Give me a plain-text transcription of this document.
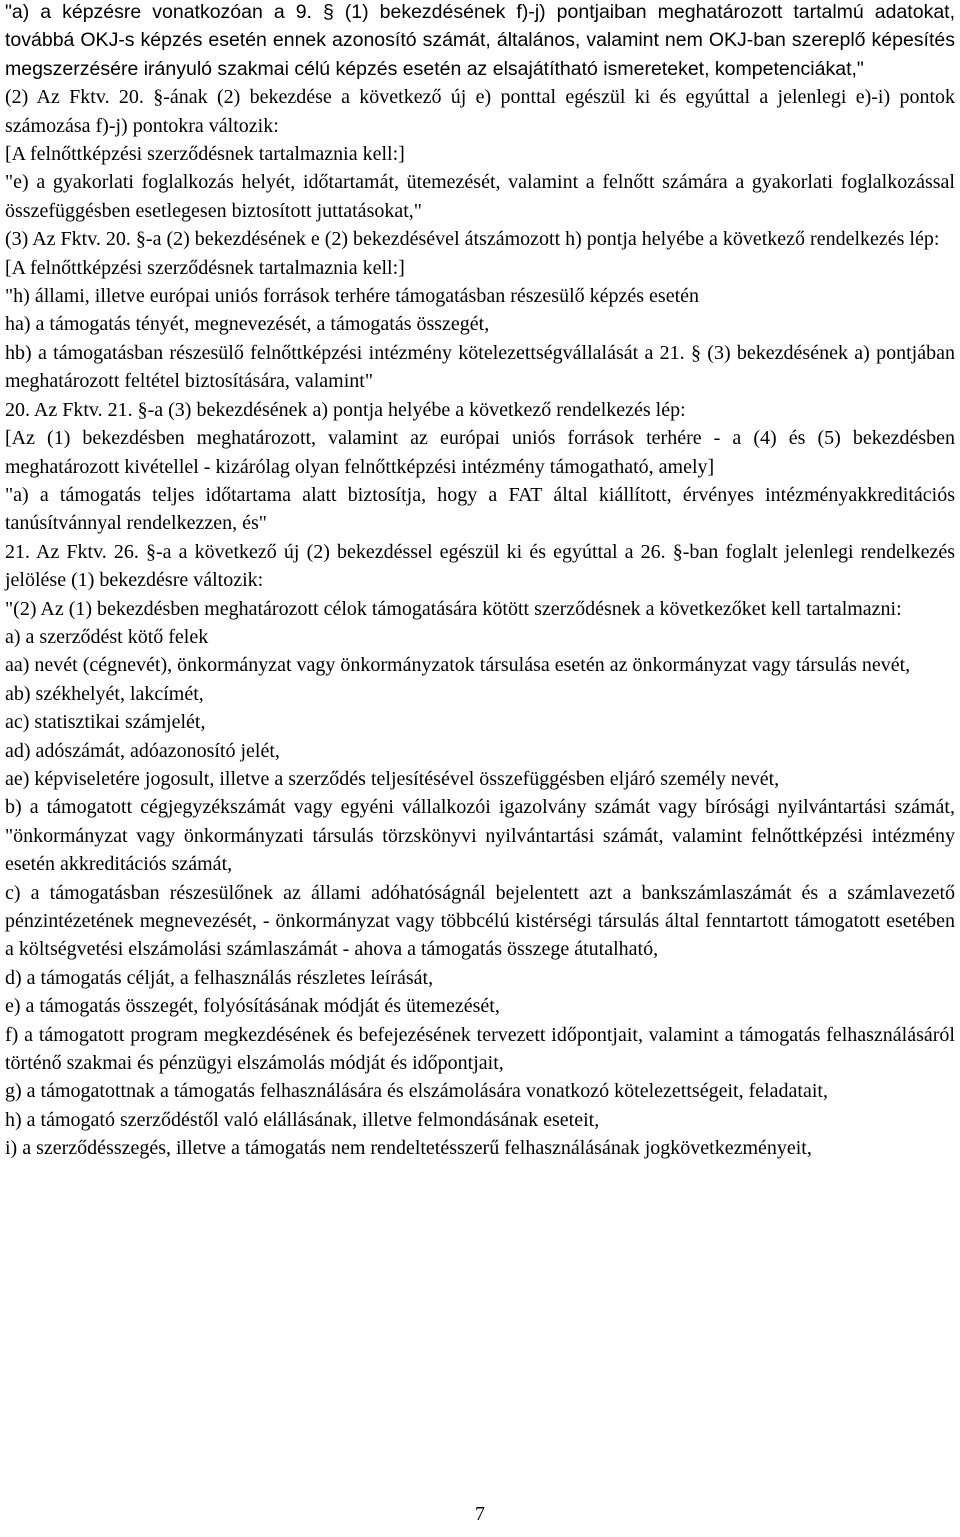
"a) a képzésre vonatkozóan a 9. § (1) bekezdésének f)-j) pontjaiban meghatározott tartalmú adatokat, továbbá OKJ-s képzés esetén ennek azonosító számát, általános, valamint nem OKJ-ban szereplő képesítés megszerzésére irányuló szakmai célú képzés esetén az elsajátítható ismereteket, kompetenciákat,"

(2) Az Fktv. 20. §-ának (2) bekezdése a következő új e) ponttal egészül ki és egyúttal a jelenlegi e)-i) pontok számozása f)-j) pontokra változik:

[A felnőttképzési szerződésnek tartalmaznia kell:]

"e) a gyakorlati foglalkozás helyét, időtartamát, ütemezését, valamint a felnőtt számára a gyakorlati foglalkozással összefüggésben esetlegesen biztosított juttatásokat,"

(3) Az Fktv. 20. §-a (2) bekezdésének e (2) bekezdésével átszámozott h) pontja helyébe a következő rendelkezés lép:

[A felnőttképzési szerződésnek tartalmaznia kell:]

"h) állami, illetve európai uniós források terhére támogatásban részesülő képzés esetén

ha) a támogatás tényét, megnevezését, a támogatás összegét,

hb) a támogatásban részesülő felnőttképzési intézmény kötelezettségvállalását a 21. § (3) bekezdésének a) pontjában meghatározott feltétel biztosítására, valamint"

20. Az Fktv. 21. §-a (3) bekezdésének a) pontja helyébe a következő rendelkezés lép:

[Az (1) bekezdésben meghatározott, valamint az európai uniós források terhére - a (4) és (5) bekezdésben meghatározott kivétellel - kizárólag olyan felnőttképzési intézmény támogatható, amely]

"a) a támogatás teljes időtartama alatt biztosítja, hogy a FAT által kiállított, érvényes intézményakkreditációs tanúsítvánnyal rendelkezzen, és"

21. Az Fktv. 26. §-a a következő új (2) bekezdéssel egészül ki és egyúttal a 26. §-ban foglalt jelenlegi rendelkezés jelölése (1) bekezdésre változik:

"(2) Az (1) bekezdésben meghatározott célok támogatására kötött szerződésnek a következőket kell tartalmazni:

a) a szerződést kötő felek

aa) nevét (cégnevét), önkormányzat vagy önkormányzatok társulása esetén az önkormányzat vagy társulás nevét,

ab) székhelyét, lakcímét,

ac) statisztikai számjelét,

ad) adószámát, adóazonosító jelét,

ae) képviseletére jogosult, illetve a szerződés teljesítésével összefüggésben eljáró személy nevét,

b) a támogatott cégjegyzékszámát vagy egyéni vállalkozói igazolvány számát vagy bírósági nyilvántartási számát, "önkormányzat vagy önkormányzati társulás törzskönyvi nyilvántartási számát, valamint felnőttképzési intézmény esetén akkreditációs számát,

c) a támogatásban részesülőnek az állami adóhatóságnál bejelentett azt a bankszámlaszámát és a számlavezető pénzintézetének megnevezését, - önkormányzat vagy többcélú kistérségi társulás által fenntartott támogatott esetében a költségvetési elszámolási számlaszámát - ahova a támogatás összege átutalható,

d) a támogatás célját, a felhasználás részletes leírását,

e) a támogatás összegét, folyósításának módját és ütemezését,

f) a támogatott program megkezdésének és befejezésének tervezett időpontjait, valamint a támogatás felhasználásáról történő szakmai és pénzügyi elszámolás módját és időpontjait,

g) a támogatottnak a támogatás felhasználására és elszámolására vonatkozó kötelezettségeit, feladatait,

h) a támogató szerződéstől való elállásának, illetve felmondásának eseteit,

i) a szerződésszegés, illetve a támogatás nem rendeltetésszerű felhasználásának jogkövetkezményeit,

7
